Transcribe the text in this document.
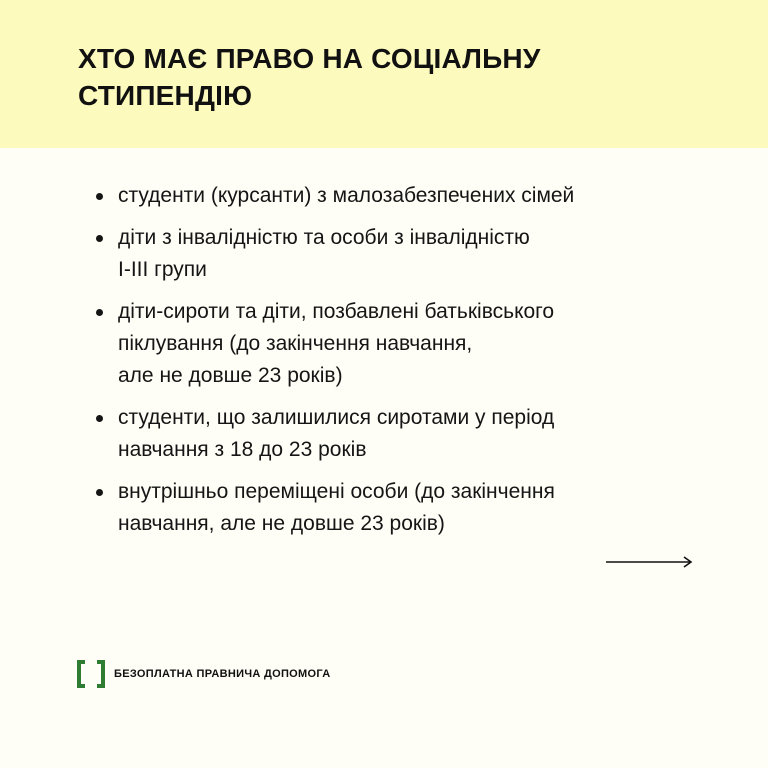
ХТО МАЄ ПРАВО НА СОЦІАЛЬНУ
СТИПЕНДІЮ
студенти (курсанти) з малозабезпечених сімей
діти з інвалідністю та особи з інвалідністю
I-III групи
діти-сироти та діти, позбавлені батьківського
піклування (до закінчення навчання,
але не довше 23 років)
студенти, що залишилися сиротами у період
навчання з 18 до 23 років
внутрішньо переміщені особи (до закінчення
навчання, але не довше 23 років)
БЕЗОПЛАТНА ПРАВНИЧА ДОПОМОГА
